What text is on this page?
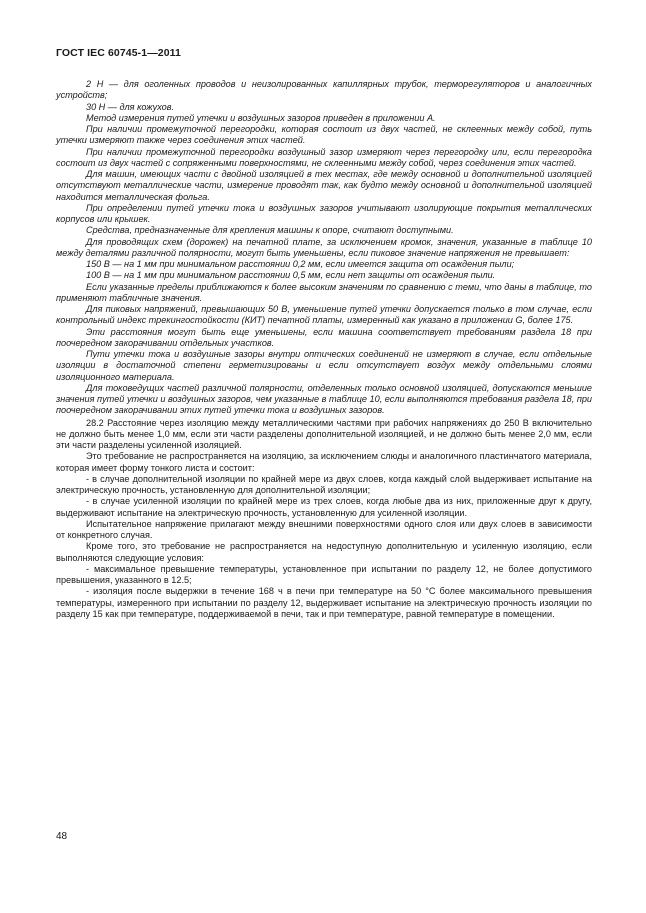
ГОСТ IEC 60745-1—2011

2 Н — для оголенных проводов и неизолированных капиллярных трубок, терморегуляторов и аналогичных устройств;

30 Н — для кожухов.

Метод измерения путей утечки и воздушных зазоров приведен в приложении А.

При наличии промежуточной перегородки, которая состоит из двух частей, не склеенных между собой, путь утечки измеряют также через соединения этих частей.

При наличии промежуточной перегородки воздушный зазор измеряют через перегородку или, если перегородка состоит из двух частей с сопряженными поверхностями, не склеенными между собой, через соединения этих частей.

Для машин, имеющих части с двойной изоляцией в тех местах, где между основной и дополнительной изоляцией отсутствуют металлические части, измерение проводят так, как будто между основной и дополнительной изоляцией находится металлическая фольга.

При определении путей утечки тока и воздушных зазоров учитывают изолирующие покрытия металлических корпусов или крышек.

Средства, предназначенные для крепления машины к опоре, считают доступными.

Для проводящих схем (дорожек) на печатной плате, за исключением кромок, значения, указанные в таблице 10 между деталями различной полярности, могут быть уменьшены, если пиковое значение напряжения не превышает:

150 В — на 1 мм при минимальном расстоянии 0,2 мм, если имеется защита от осаждения пыли;

100 В — на 1 мм при минимальном расстоянии 0,5 мм, если нет защиты от осаждения пыли.

Если указанные пределы приближаются к более высоким значениям по сравнению с теми, что даны в таблице, то применяют табличные значения.

Для пиковых напряжений, превышающих 50 В, уменьшение путей утечки допускается только в том случае, если контрольный индекс трекингостойкости (КИТ) печатной платы, измеренный как указано в приложении G, более 175.

Эти расстояния могут быть еще уменьшены, если машина соответствует требованиям раздела 18 при поочередном закорачивании отдельных участков.

Пути утечки тока и воздушные зазоры внутри оптических соединений не измеряют в случае, если отдельные изоляции в достаточной степени герметизированы и если отсутствует воздух между отдельными слоями изоляционного материала.

Для токоведущих частей различной полярности, отделенных только основной изоляцией, допускаются меньшие значения путей утечки и воздушных зазоров, чем указанные в таблице 10, если выполняются требования раздела 18, при поочередном закорачивании этих путей утечки тока и воздушных зазоров.

28.2 Расстояние через изоляцию между металлическими частями при рабочих напряжениях до 250 В включительно не должно быть менее 1,0 мм, если эти части разделены дополнительной изоляцией, и не должно быть менее 2,0 мм, если эти части разделены усиленной изоляцией.

Это требование не распространяется на изоляцию, за исключением слюды и аналогичного пластинчатого материала, которая имеет форму тонкого листа и состоит:

- в случае дополнительной изоляции по крайней мере из двух слоев, когда каждый слой выдерживает испытание на электрическую прочность, установленную для дополнительной изоляции;

- в случае усиленной изоляции по крайней мере из трех слоев, когда любые два из них, приложенные друг к другу, выдерживают испытание на электрическую прочность, установленную для усиленной изоляции.

Испытательное напряжение прилагают между внешними поверхностями одного слоя или двух слоев в зависимости от конкретного случая.

Кроме того, это требование не распространяется на недоступную дополнительную и усиленную изоляцию, если выполняются следующие условия:

- максимальное превышение температуры, установленное при испытании по разделу 12, не более допустимого превышения, указанного в 12.5;

- изоляция после выдержки в течение 168 ч в печи при температуре на 50 °С более максимального превышения температуры, измеренного при испытании по разделу 12, выдерживает испытание на электрическую прочность изоляции по разделу 15 как при температуре, поддерживаемой в печи, так и при температуре, равной температуре в помещении.

48
